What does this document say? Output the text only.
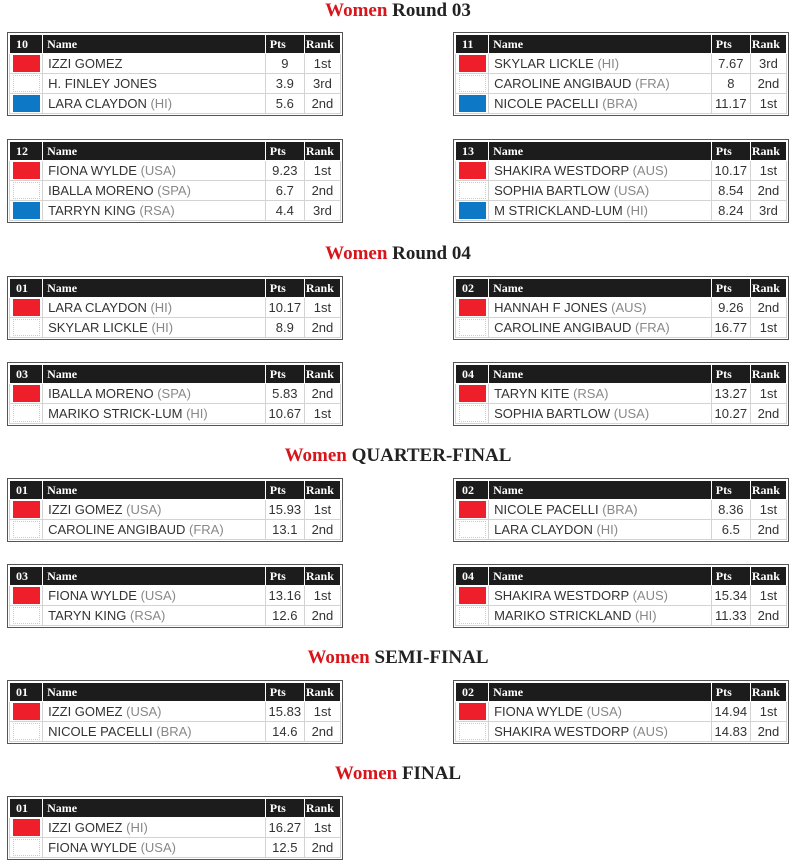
Women Round 03
10	Name	Pts	Rank

	IZZI GOMEZ	9	1st

	H. FINLEY JONES	3.9	3rd

	LARA CLAYDON (HI)	5.6	2nd
11	Name	Pts	Rank

	SKYLAR LICKLE (HI)	7.67	3rd

	CAROLINE ANGIBAUD (FRA)	8	2nd

	NICOLE PACELLI (BRA)	11.17	1st
12	Name	Pts	Rank

	FIONA WYLDE (USA)	9.23	1st

	IBALLA MORENO (SPA)	6.7	2nd

	TARRYN KING (RSA)	4.4	3rd
13	Name	Pts	Rank

	SHAKIRA WESTDORP (AUS)	10.17	1st

	SOPHIA BARTLOW (USA)	8.54	2nd

	M STRICKLAND-LUM (HI)	8.24	3rd
Women Round 04
01	Name	Pts	Rank

	LARA CLAYDON (HI)	10.17	1st

	SKYLAR LICKLE (HI)	8.9	2nd
02	Name	Pts	Rank

	HANNAH F JONES (AUS)	9.26	2nd

	CAROLINE ANGIBAUD (FRA)	16.77	1st
03	Name	Pts	Rank

	IBALLA MORENO (SPA)	5.83	2nd

	MARIKO STRICK-LUM (HI)	10.67	1st
04	Name	Pts	Rank

	TARYN KITE (RSA)	13.27	1st

	SOPHIA BARTLOW (USA)	10.27	2nd
Women QUARTER-FINAL
01	Name	Pts	Rank

	IZZI GOMEZ (USA)	15.93	1st

	CAROLINE ANGIBAUD (FRA)	13.1	2nd
02	Name	Pts	Rank

	NICOLE PACELLI (BRA)	8.36	1st

	LARA CLAYDON (HI)	6.5	2nd
03	Name	Pts	Rank

	FIONA WYLDE (USA)	13.16	1st

	TARYN KING (RSA)	12.6	2nd
04	Name	Pts	Rank

	SHAKIRA WESTDORP (AUS)	15.34	1st

	MARIKO STRICKLAND (HI)	11.33	2nd
Women SEMI-FINAL
01	Name	Pts	Rank

	IZZI GOMEZ (USA)	15.83	1st

	NICOLE PACELLI (BRA)	14.6	2nd
02	Name	Pts	Rank

	FIONA WYLDE (USA)	14.94	1st

	SHAKIRA WESTDORP (AUS)	14.83	2nd
Women FINAL
01	Name	Pts	Rank

	IZZI GOMEZ (HI)	16.27	1st

	FIONA WYLDE (USA)	12.5	2nd
